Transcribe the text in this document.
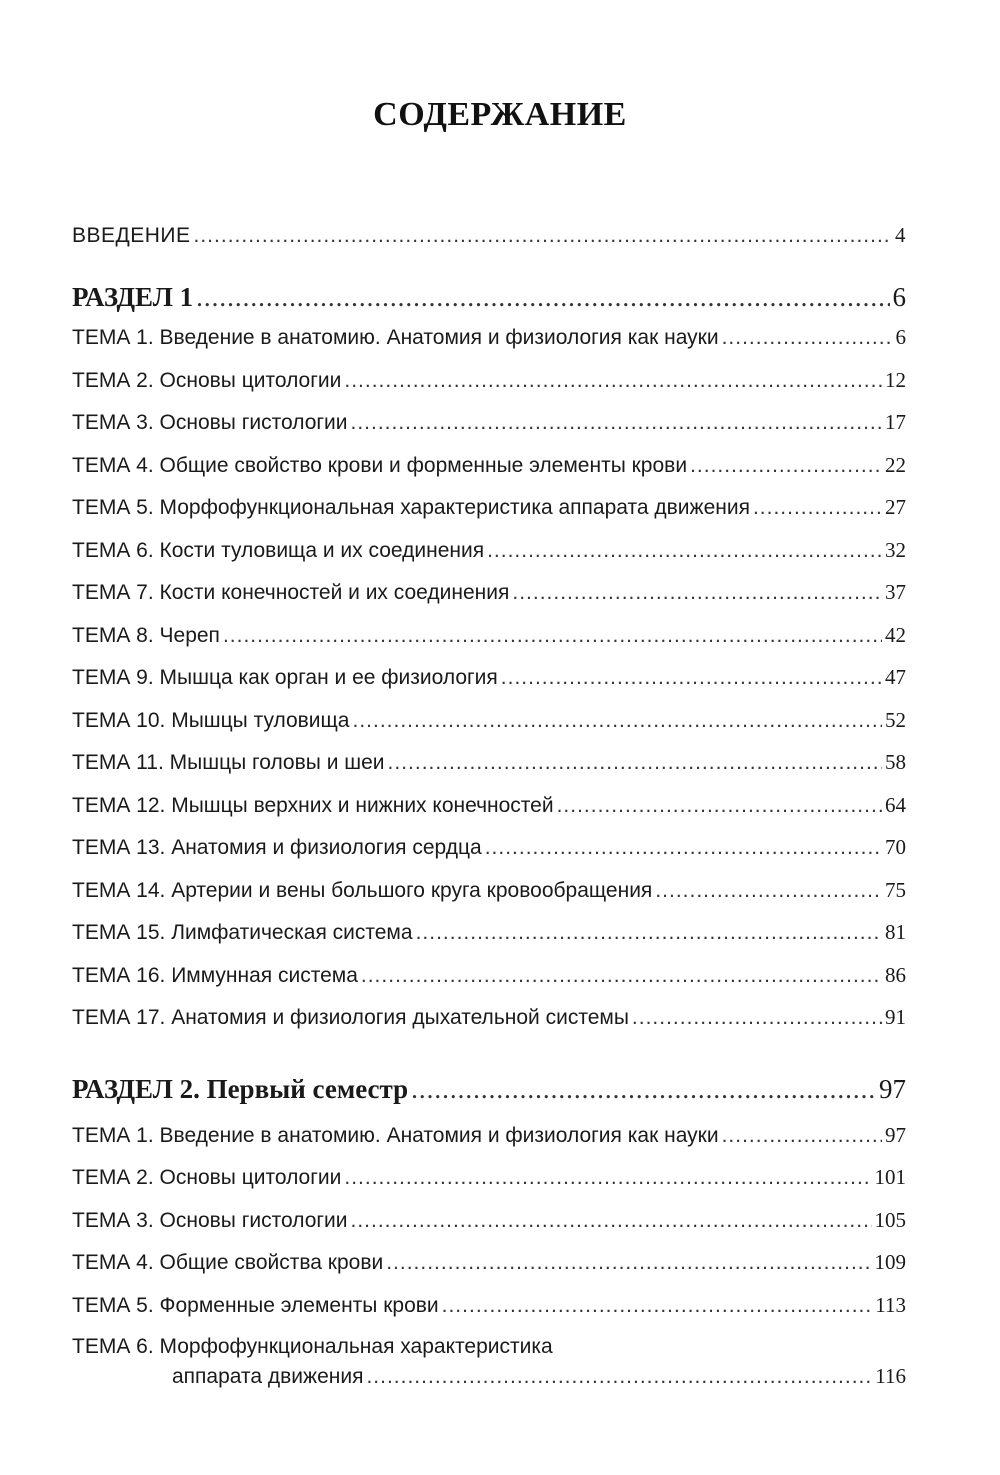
СОДЕРЖАНИЕ
ВВЕДЕНИЕ .....	4
РАЗДЕЛ 1 .....	6
ТЕМА 1. Введение в анатомию. Анатомия и физиология как науки .....	6
ТЕМА 2. Основы цитологии .....	12
ТЕМА 3. Основы гистологии .....	17
ТЕМА 4. Общие свойство крови и форменные элементы крови .....	22
ТЕМА 5. Морфофункциональная характеристика аппарата движения .....	27
ТЕМА 6. Кости туловища и их соединения .....	32
ТЕМА 7. Кости конечностей и их соединения .....	37
ТЕМА 8. Череп .....	42
ТЕМА 9. Мышца как орган и ее физиология .....	47
ТЕМА 10. Мышцы туловища .....	52
ТЕМА 11. Мышцы головы и шеи .....	58
ТЕМА 12. Мышцы верхних и нижних конечностей .....	64
ТЕМА 13. Анатомия и физиология сердца .....	70
ТЕМА 14. Артерии и вены большого круга кровообращения .....	75
ТЕМА 15. Лимфатическая система .....	81
ТЕМА 16. Иммунная система .....	86
ТЕМА 17. Анатомия и физиология дыхательной системы .....	91
РАЗДЕЛ 2. Первый семестр .....	97
ТЕМА 1. Введение в анатомию. Анатомия и физиология как науки .....	97
ТЕМА 2. Основы цитологии .....	101
ТЕМА 3. Основы гистологии .....	105
ТЕМА 4. Общие свойства крови .....	109
ТЕМА 5. Форменные элементы крови .....	113
ТЕМА 6. Морфофункциональная характеристика
аппарата движения .....	116
